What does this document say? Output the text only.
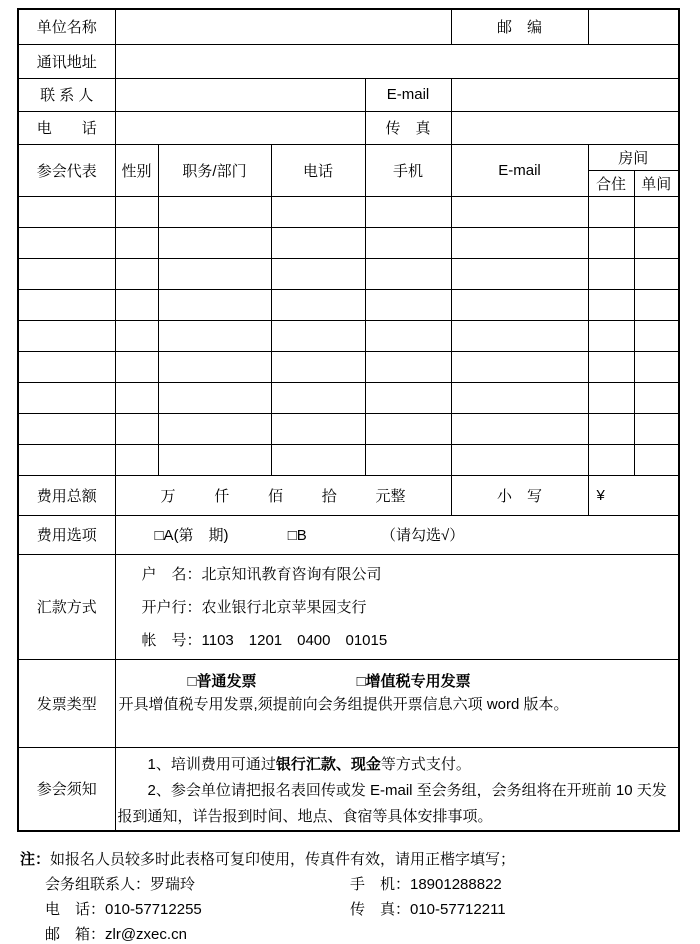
单位名称					邮　编		
通讯地址							
联 系 人				E-mail			
电　　话				传　真			
参会代表	性别	职务/部门	电话	手机	E-mail	房间	
						合住	单间

费用总额	万 仟 佰 拾 元整				小　写	¥	
费用选项	□A(第　期) □B （请勾选√）						

汇款方式	户　名：北京知讯教育咨询有限公司
开户行：农业银行北京苹果园支行
帐　号：1103　1201　0400　01015						

发票类型	□普通发票 □增值税专用发票
开具增值税专用发票,须提前向会务组提供开票信息六项 word 版本。						

参会须知	1、培训费用可通过银行汇款、现金等方式支付。

2、参会单位请把报名表回传或发 E-mail 至会务组，会务组将在开班前 10 天发报到通知，详告报到时间、地点、食宿等具体安排事项。						

注： 如报名人员较多时此表格可复印使用，传真件有效，请用正楷字填写；
会务组联系人：罗瑞玲	手　机：18901288822
电　话：010-57712255	传　真：010-57712211
邮　箱：zlr@zxec.cn
